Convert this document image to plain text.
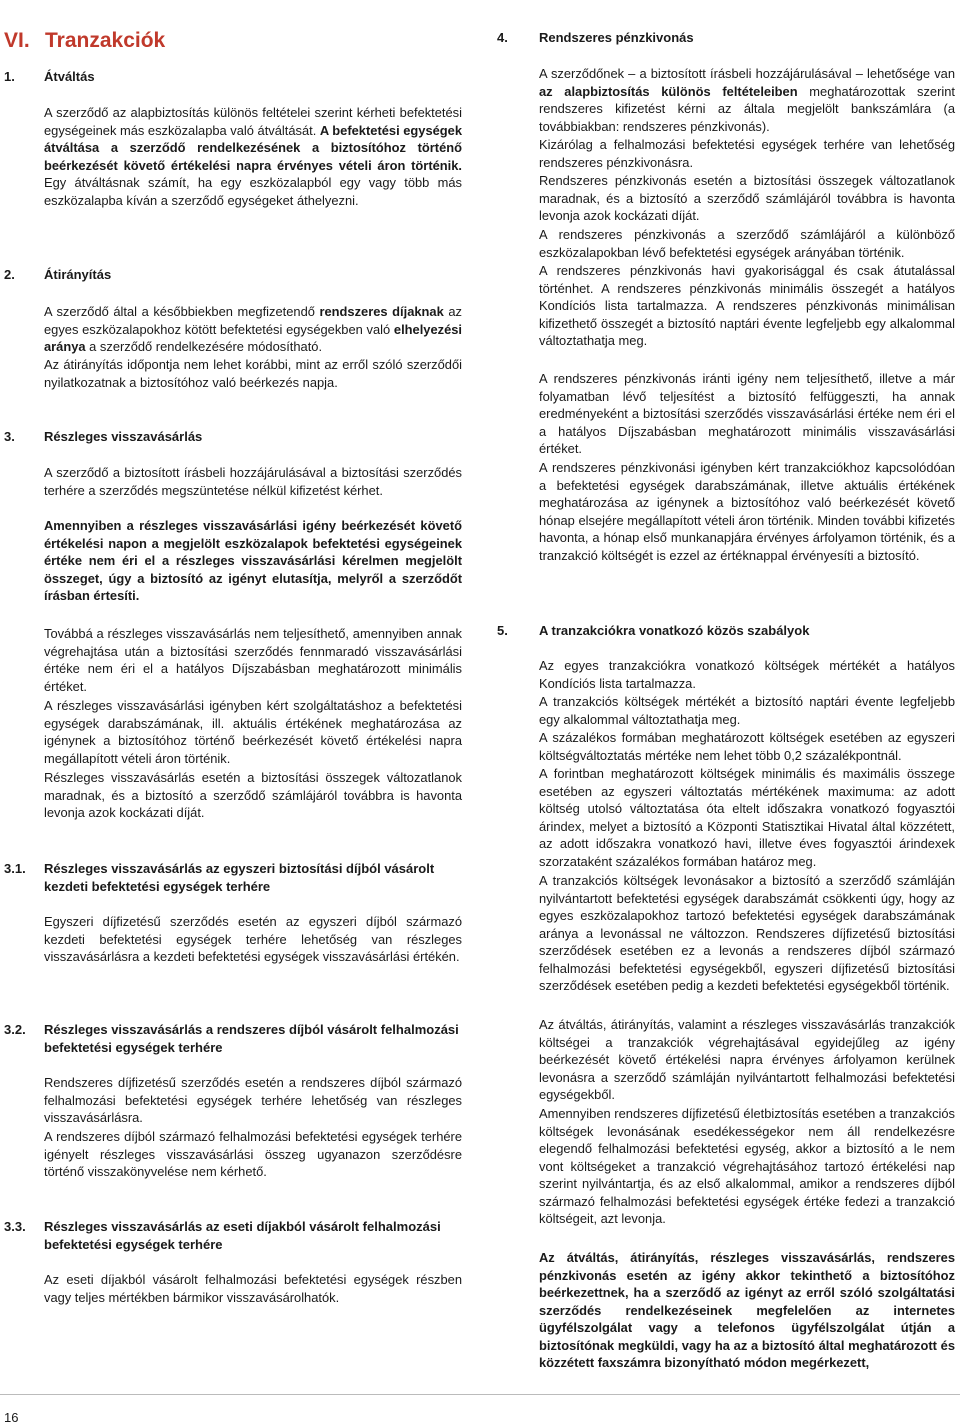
VI. Tranzakciók
1. Átváltás

A szerződő az alapbiztosítás különös feltételei szerint kérheti befektetési egységeinek más eszközalapba való átváltását. A befektetési egységek átváltása a szerződő rendelkezésének a biztosítóhoz történő beérkezését követő értékelési napra érvényes vételi áron történik. Egy átváltásnak számít, ha egy eszközalapból egy vagy több más eszközalapba kíván a szerződő egységeket áthelyezni.

2. Átirányítás

A szerződő által a későbbiekben megfizetendő rendszeres díjaknak az egyes eszközalapokhoz kötött befektetési egységekben való elhelyezési aránya a szerződő rendelkezésére módosítható.

Az átirányítás időpontja nem lehet korábbi, mint az erről szóló szerződői nyilatkozatnak a biztosítóhoz való beérkezés napja.

3. Részleges visszavásárlás

A szerződő a biztosított írásbeli hozzájárulásával a biztosítási szerződés terhére a szerződés megszüntetése nélkül kifizetést kérhet.

Amennyiben a részleges visszavásárlási igény beérkezését követő értékelési napon a megjelölt eszközalapok befektetési egységeinek értéke nem éri el a részleges visszavásárlási kérelmen megjelölt összeget, úgy a biztosító az igényt elutasítja, melyről a szerződőt írásban értesíti.

Továbbá a részleges visszavásárlás nem teljesíthető, amennyiben annak végrehajtása után a biztosítási szerződés fennmaradó visszavásárlási értéke nem éri el a hatályos Díjszabásban meghatározott minimális értéket.

A részleges visszavásárlási igényben kért szolgáltatáshoz a befektetési egységek darabszámának, ill. aktuális értékének meghatározása az igénynek a biztosítóhoz történő beérkezését követő értékelési napra megállapított vételi áron történik.

Részleges visszavásárlás esetén a biztosítási összegek változatlanok maradnak, és a biztosító a szerződő számlájáról továbbra is havonta levonja azok kockázati díját.

3.1. Részleges visszavásárlás az egyszeri biztosítási díjból vásárolt kezdeti befektetési egységek terhére

Egyszeri díjfizetésű szerződés esetén az egyszeri díjból származó kezdeti befektetési egységek terhére lehetőség van részleges visszavásárlásra a kezdeti befektetési egységek visszavásárlási értékén.

3.2. Részleges visszavásárlás a rendszeres díjból vásárolt felhalmozási befektetési egységek terhére

Rendszeres díjfizetésű szerződés esetén a rendszeres díjból származó felhalmozási befektetési egységek terhére lehetőség van részleges visszavásárlásra.

A rendszeres díjból származó felhalmozási befektetési egységek terhére igényelt részleges visszavásárlási összeg ugyanazon szerződésre történő visszakönyvelése nem kérhető.

3.3. Részleges visszavásárlás az eseti díjakból vásárolt felhalmozási befektetési egységek terhére

Az eseti díjakból vásárolt felhalmozási befektetési egységek részben vagy teljes mértékben bármikor visszavásárolhatók.

4. Rendszeres pénzkivonás

A szerződőnek – a biztosított írásbeli hozzájárulásával – lehetősége van az alapbiztosítás különös feltételeiben meghatározottak szerint rendszeres kifizetést kérni az általa megjelölt bankszámlára (a továbbiakban: rendszeres pénzkivonás).

Kizárólag a felhalmozási befektetési egységek terhére van lehetőség rendszeres pénzkivonásra.

Rendszeres pénzkivonás esetén a biztosítási összegek változatlanok maradnak, és a biztosító a szerződő számlájáról továbbra is havonta levonja azok kockázati díját.

A rendszeres pénzkivonás a szerződő számlájáról a különböző eszközalapokban lévő befektetési egységek arányában történik.

A rendszeres pénzkivonás havi gyakorisággal és csak átutalással történhet. A rendszeres pénzkivonás minimális összegét a hatályos Kondíciós lista tartalmazza. A rendszeres pénzkivonás minimálisan kifizethető összegét a biztosító naptári évente legfeljebb egy alkalommal változtathatja meg.

A rendszeres pénzkivonás iránti igény nem teljesíthető, illetve a már folyamatban lévő teljesítést a biztosító felfüggeszti, ha annak eredményeként a biztosítási szerződés visszavásárlási értéke nem éri el a hatályos Díjszabásban meghatározott minimális visszavásárlási értéket.

A rendszeres pénzkivonási igényben kért tranzakciókhoz kapcsolódóan a befektetési egységek darabszámának, illetve aktuális értékének meghatározása az igénynek a biztosítóhoz való beérkezését követő hónap elsejére megállapított vételi áron történik. Minden további kifizetés havonta, a hónap első munkanapjára érvényes árfolyamon történik, és a tranzakció költségét is ezzel az értéknappal érvényesíti a biztosító.

5. A tranzakciókra vonatkozó közös szabályok

Az egyes tranzakciókra vonatkozó költségek mértékét a hatályos Kondíciós lista tartalmazza.

A tranzakciós költségek mértékét a biztosító naptári évente legfeljebb egy alkalommal változtathatja meg.

A százalékos formában meghatározott költségek esetében az egyszeri költségváltoztatás mértéke nem lehet több 0,2 százalékpontnál.

A forintban meghatározott költségek minimális és maximális összege esetében az egyszeri változtatás mértékének maximuma: az adott költség utolsó változtatása óta eltelt időszakra vonatkozó fogyasztói árindex, melyet a biztosító a Központi Statisztikai Hivatal által közzétett, az adott időszakra vonatkozó havi, illetve éves fogyasztói árindexek szorzataként százalékos formában határoz meg.

A tranzakciós költségek levonásakor a biztosító a szerződő számláján nyilvántartott befektetési egységek darabszámát csökkenti úgy, hogy az egyes eszközalapokhoz tartozó befektetési egységek darabszámának aránya a levonással ne változzon. Rendszeres díjfizetésű biztosítási szerződések esetében ez a levonás a rendszeres díjból származó felhalmozási befektetési egységekből, egyszeri díjfizetésű biztosítási szerződések esetében pedig a kezdeti befektetési egységekből történik.

Az átváltás, átirányítás, valamint a részleges visszavásárlás tranzakciók költségei a tranzakciók végrehajtásával egyidejűleg az igény beérkezését követő értékelési napra érvényes árfolyamon kerülnek levonásra a szerződő számláján nyilvántartott felhalmozási befektetési egységekből.

Amennyiben rendszeres díjfizetésű életbiztosítás esetében a tranzakciós költségek levonásának esedékességekor nem áll rendelkezésre elegendő felhalmozási befektetési egység, akkor a biztosító a le nem vont költségeket a tranzakció végrehajtásához tartozó értékelési nap szerint nyilvántartja, és az első alkalommal, amikor a rendszeres díjból származó felhalmozási befektetési egységek értéke fedezi a tranzakció költségeit, azt levonja.

Az átváltás, átirányítás, részleges visszavásárlás, rendszeres pénzkivonás esetén az igény akkor tekinthető a biztosítóhoz beérkezettnek, ha a szerződő az igényt az erről szóló szolgáltatási szerződés rendelkezéseinek megfelelően az internetes ügyfélszolgálat vagy a telefonos ügyfélszolgálat útján a biztosítónak megküldi, vagy ha az a biztosító által meghatározott és közzétett faxszámra bizonyítható módon megérkezett,

16
